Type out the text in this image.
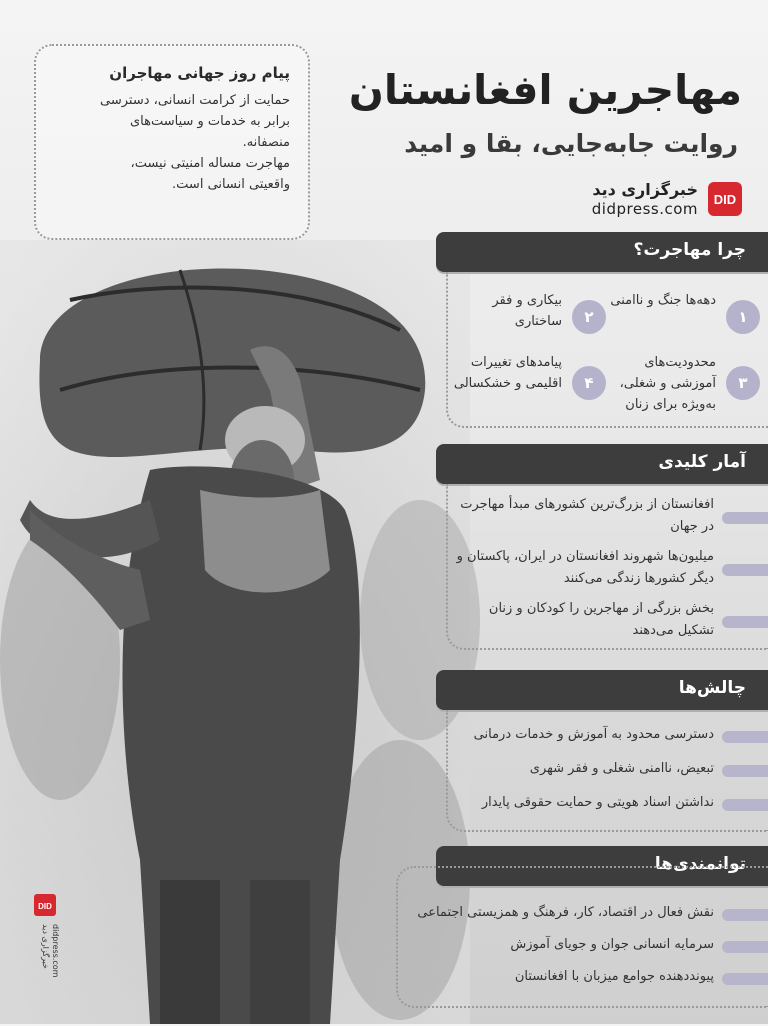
پیام روز جهانی مهاجران

حمایت از کرامت انسانی، دسترسی

برابر به خدمات و سیاست‌های

منصفانه.

مهاجرت مساله امنیتی نیست،

واقعیتی انسانی است.

مهاجرین افغانستان
روایت جابه‌جایی، بقا و امید
DID
خبرگزاری دید
didpress.com
چرا مهاجرت؟
۱
دهه‌ها جنگ و ناامنی
۲
بیکاری و فقر ساختاری
۳
محدودیت‌های آموزشی و شغلی، به‌ویژه برای زنان
۴
پیامدهای تغییرات اقلیمی و خشکسالی
آمار کلیدی
افغانستان از بزرگ‌ترین کشورهای مبدأ مهاجرت در جهان
میلیون‌ها شهروند افغانستان در ایران، پاکستان و دیگر کشورها زندگی می‌کنند
بخش بزرگی از مهاجرین را کودکان و زنان تشکیل می‌دهند
چالش‌ها
دسترسی محدود به آموزش و خدمات درمانی
تبعیض، ناامنی شغلی و فقر شهری
نداشتن اسناد هویتی و حمایت حقوقی پایدار
توانمندی‌ها
نقش فعال در اقتصاد، کار، فرهنگ و همزیستی اجتماعی
سرمایه انسانی جوان و جویای آموزش
پیونددهنده جوامع میزبان با افغانستان
DID
خبرگزاری دید didpress.com
